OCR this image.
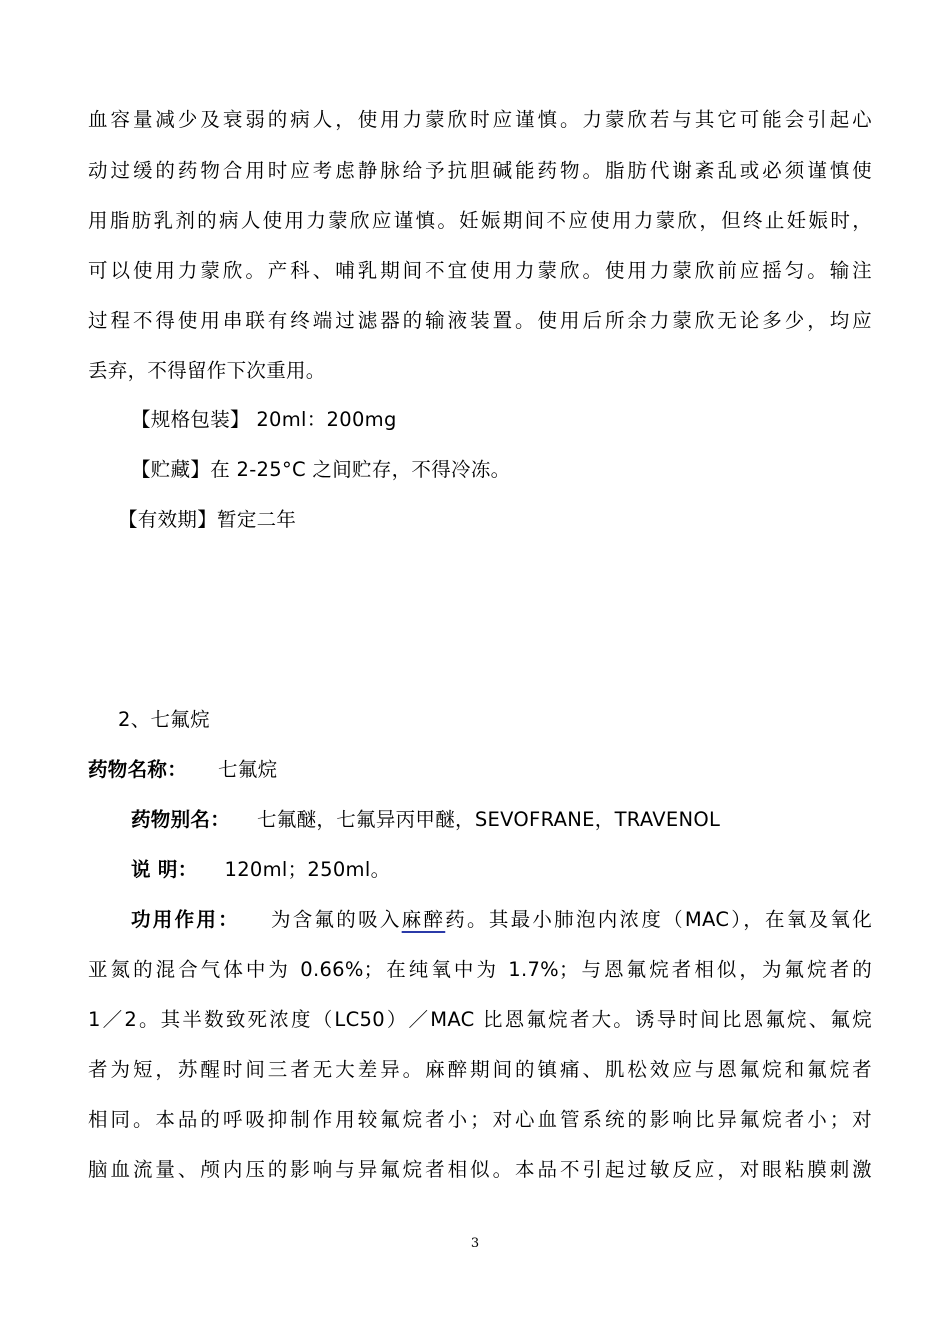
血容量减少及衰弱的病人，使用力蒙欣时应谨慎。力蒙欣若与其它可能会引起心
动过缓的药物合用时应考虑静脉给予抗胆碱能药物。脂肪代谢紊乱或必须谨慎使
用脂肪乳剂的病人使用力蒙欣应谨慎。妊娠期间不应使用力蒙欣，但终止妊娠时，
可以使用力蒙欣。产科、哺乳期间不宜使用力蒙欣。使用力蒙欣前应摇匀。输注
过程不得使用串联有终端过滤器的输液装置。使用后所余力蒙欣无论多少，均应
丢弃，不得留作下次重用。
【规格包装】 20ml：200mg
【贮藏】在 2-25°C 之间贮存，不得冷冻。
【有效期】暂定二年
2、七氟烷
药物名称： 七氟烷
药物别名： 七氟醚，七氟异丙甲醚，SEVOFRANE，TRAVENOL
说 明： 120ml；250ml。
功用作用： 为含氟的吸入麻醉药。其最小肺泡内浓度（MAC），在氧及氧化
亚氮的混合气体中为 0.66%；在纯氧中为 1.7%；与恩氟烷者相似，为氟烷者的
1／2。其半数致死浓度（LC50）／MAC 比恩氟烷者大。诱导时间比恩氟烷、氟烷
者为短，苏醒时间三者无大差异。麻醉期间的镇痛、肌松效应与恩氟烷和氟烷者
相同。本品的呼吸抑制作用较氟烷者小；对心血管系统的影响比异氟烷者小；对
脑血流量、颅内压的影响与异氟烷者相似。本品不引起过敏反应，对眼粘膜刺激
3
